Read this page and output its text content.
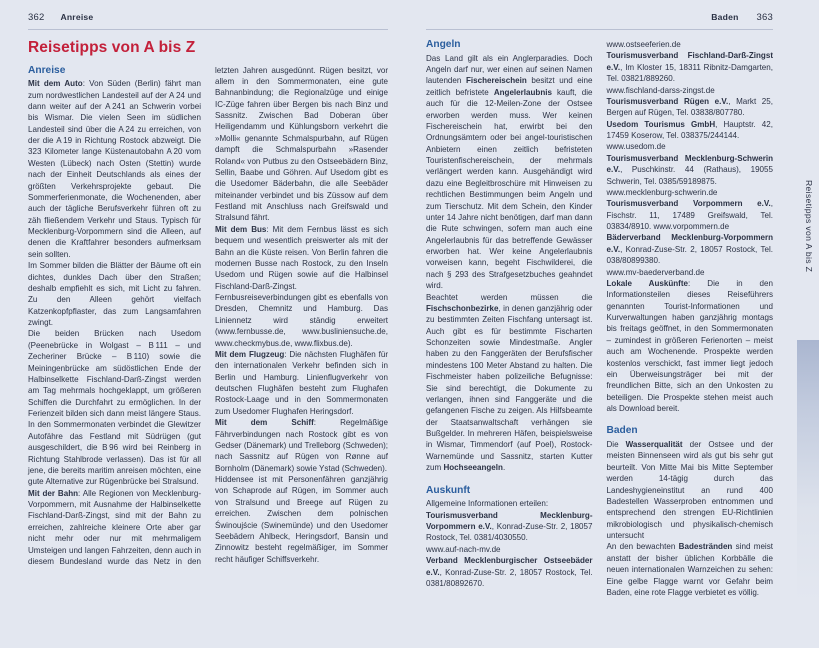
362 Anreise
Reisetipps von A bis Z
Anreise

Mit dem Auto: Von Süden (Berlin) fährt man zum nordwestlichen Landesteil auf der A 24 und dann weiter auf der A 241 an Schwerin vorbei bis Wismar. Die vielen Seen im südlichen Landesteil sind über die A 24 zu erreichen, von der die A 19 in Richtung Rostock abzweigt. Die 323 Kilometer lange Küstenautobahn A 20 vom Westen (Lübeck) nach Osten (Stettin) wurde nach der Einheit Deutschlands als eines der größten Verkehrsprojekte gebaut. Die Sommerferienmonate, die Wochenenden, aber auch der tägliche Berufsverkehr führen oft zu zäh fließendem Verkehr und Staus. Typisch für Mecklenburg-Vorpommern sind die Alleen, auf denen die Kraftfahrer besonders aufmerksam sein sollten.

Im Sommer bilden die Blätter der Bäume oft ein dichtes, dunkles Dach über den Straßen; deshalb empfiehlt es sich, mit Licht zu fahren. Zu den Alleen gehört vielfach Katzenkopfpflaster, das zum Langsamfahren zwingt.

Die beiden Brücken nach Usedom (Peenebrücke in Wolgast – B 111 – und Zecheriner Brücke – B 110) sowie die Meiningenbrücke am südöstlichen Ende der Halbinselkette Fischland-Darß-Zingst werden am Tag mehrmals hochgeklappt, um größeren Schiffen die Durchfahrt zu ermöglichen. In der Ferienzeit bilden sich dann meist längere Staus. In den Sommermonaten verbindet die Glewitzer Autofähre das Festland mit Südrügen (gut ausgeschildert, die B 96 wird bei Reinberg in Richtung Stahlbrode verlassen). Das ist für all jene, die bereits maritim anreisen möchten, eine gute Alternative zur Rügenbrücke bei Stralsund.

Mit der Bahn: Alle Regionen von Mecklenburg-Vorpommern, mit Ausnahme der Halbinselkette Fischland-Darß-Zingst, sind mit der Bahn zu erreichen, zahlreiche kleinere Orte aber gar nicht mehr oder nur mit mehrmaligem Umsteigen und langen Fahrzeiten, denn auch in diesem Bundesland wurde das Netz in den letzten Jahren ausgedünnt. Rügen besitzt, vor allem in den Sommermonaten, eine gute Bahnanbindung; die Regionalzüge und einige IC-Züge fahren über Bergen bis nach Binz und Sassnitz. Zwischen Bad Doberan über Heiligendamm und Kühlungsborn verkehrt die »Molli« genannte Schmalspurbahn, auf Rügen dampft die Schmalspurbahn »Rasender Roland« von Putbus zu den Ostseebädern Binz, Sellin, Baabe und Göhren. Auf Usedom gibt es die Usedomer Bäderbahn, die alle Seebäder miteinander verbindet und bis Züssow auf dem Festland mit Anschluss nach Greifswald und Stralsund fährt.

Mit dem Bus: Mit dem Fernbus lässt es sich bequem und wesentlich preiswerter als mit der Bahn an die Küste reisen. Von Berlin fahren die modernen Busse nach Rostock, zu den Inseln Usedom und Rügen sowie auf die Halbinsel Fischland-Darß-Zingst. Fernbusreiseverbindungen gibt es ebenfalls von Dresden, Chemnitz und Hamburg. Das Liniennetz wird ständig erweitert (www.fernbusse.de, www.busliniensuche.de, www.checkmybus.de, www.flixbus.de).

Mit dem Flugzeug: Die nächsten Flughäfen für den internationalen Verkehr befinden sich in Berlin und Hamburg. Linienflugverkehr von deutschen Flughäfen besteht zum Flughafen Rostock-Laage und in den Sommermonaten zum Usedomer Flughafen Heringsdorf.

Mit dem Schiff: Regelmäßige Fährverbindungen nach Rostock gibt es von Gedser (Dänemark) und Trelleborg (Schweden); nach Sassnitz auf Rügen von Rønne auf Bornholm (Dänemark) sowie Ystad (Schweden).

Hiddensee ist mit Personenfähren ganzjährig von Schaprode auf Rügen, im Sommer auch von Stralsund und Breege auf Rügen zu erreichen. Zwischen dem polnischen Świnoujście (Swinemünde) und den Usedomer Seebädern Ahlbeck, Heringsdorf, Bansin und Zinnowitz besteht regelmäßiger, im Sommer recht häufiger Schiffsverkehr.

Baden 363
Angeln

Das Land gilt als ein Anglerparadies. Doch Angeln darf nur, wer einen auf seinen Namen lautenden Fischereischein besitzt und eine zeitlich befristete Angelerlaubnis kauft, die auch für die 12-Meilen-Zone der Ostsee erworben werden muss. Wer keinen Fischereischein hat, erwirbt bei den Ordnungsämtern oder bei angel-touristischen Anbietern einen zeitlich befristeten Touristenfischereischein, der mehrmals verlängert werden kann. Ausgehändigt wird dazu eine Begleitbroschüre mit Hinweisen zu rechtlichen Bestimmungen beim Angeln und zum Tierschutz. Mit dem Schein, den Kinder unter 14 Jahre nicht benötigen, darf man dann die Rute schwingen, sofern man auch eine Angelerlaubnis für das betreffende Gewässer erworben hat. Wer keine Angelerlaubnis vorweisen kann, begeht Fischwilderei, die nach § 293 des Strafgesetzbuches geahndet wird.

Beachtet werden müssen die Fischschonbezirke, in denen ganzjährig oder zu bestimmten Zeiten Fischfang untersagt ist. Auch gibt es für bestimmte Fischarten Schonzeiten sowie Mindestmaße. Angler haben zu den Fanggeräten der Berufsfischer mindestens 100 Meter Abstand zu halten. Die Fischmeister haben polizeiliche Befugnisse: Sie sind berechtigt, die Dokumente zu verlangen, ihnen sind Fanggeräte und die gefangenen Fische zu zeigen. Als Hilfsbeamte der Staatsanwaltschaft verhängen sie Bußgelder. In mehreren Häfen, beispielsweise in Wismar, Timmendorf (auf Poel), Rostock-Warnemünde und Sassnitz, starten Kutter zum Hochseeangeln.

Auskunft

Allgemeine Informationen erteilen:

Tourismusverband Mecklenburg-Vorpommern e.V., Konrad-Zuse-Str. 2, 18057 Rostock, Tel. 0381/4030550.

www.auf-nach-mv.de

Verband Mecklenburgischer Ostseebäder e.V., Konrad-Zuse-Str. 2, 18057 Rostock, Tel. 0381/80892670.

www.ostseeferien.de

Tourismusverband Fischland-Darß-Zingst e.V., Im Kloster 15, 18311 Ribnitz-Damgarten, Tel. 03821/889260.

www.fischland-darss-zingst.de

Tourismusverband Rügen e.V., Markt 25, Bergen auf Rügen, Tel. 03838/807780.

Usedom Tourismus GmbH, Hauptstr. 42, 17459 Koserow, Tel. 038375/244144.

www.usedom.de

Tourismusverband Mecklenburg-Schwerin e.V., Puschkinstr. 44 (Rathaus), 19055 Schwerin, Tel. 0385/59189875.

www.mecklenburg-schwerin.de

Tourismusverband Vorpommern e.V., Fischstr. 11, 17489 Greifswald, Tel. 03834/8910. www.vorpommern.de

Bäderverband Mecklenburg-Vorpommern e.V., Konrad-Zuse-Str. 2, 18057 Rostock, Tel. 038/80899380.

www.mv-baederverband.de

Lokale Auskünfte: Die in den Informationsteilen dieses Reiseführers genannten Tourist-Informationen und Kurverwaltungen haben ganzjährig montags bis freitags geöffnet, in den Sommermonaten – zumindest in größeren Ferienorten – meist auch am Wochenende. Prospekte werden kostenlos verschickt, fast immer liegt jedoch ein Überweisungsträger bei mit der freundlichen Bitte, sich an den Unkosten zu beteiligen. Die Prospekte stehen meist auch als Download bereit.

Baden

Die Wasserqualität der Ostsee und der meisten Binnenseen wird als gut bis sehr gut beurteilt. Von Mitte Mai bis Mitte September werden 14-tägig durch das Landeshygieneinstitut an rund 400 Badestellen Wasserproben entnommen und entsprechend den strengen EU-Richtlinien mikrobiologisch und physikalisch-chemisch untersucht

An den bewachten Badestränden sind meist anstatt der bisher üblichen Korbbälle die neuen internationalen Warnzeichen zu sehen: Eine gelbe Flagge warnt vor Gefahr beim Baden, eine rote Flagge verbietet es völlig.

Reisetipps von A bis Z
